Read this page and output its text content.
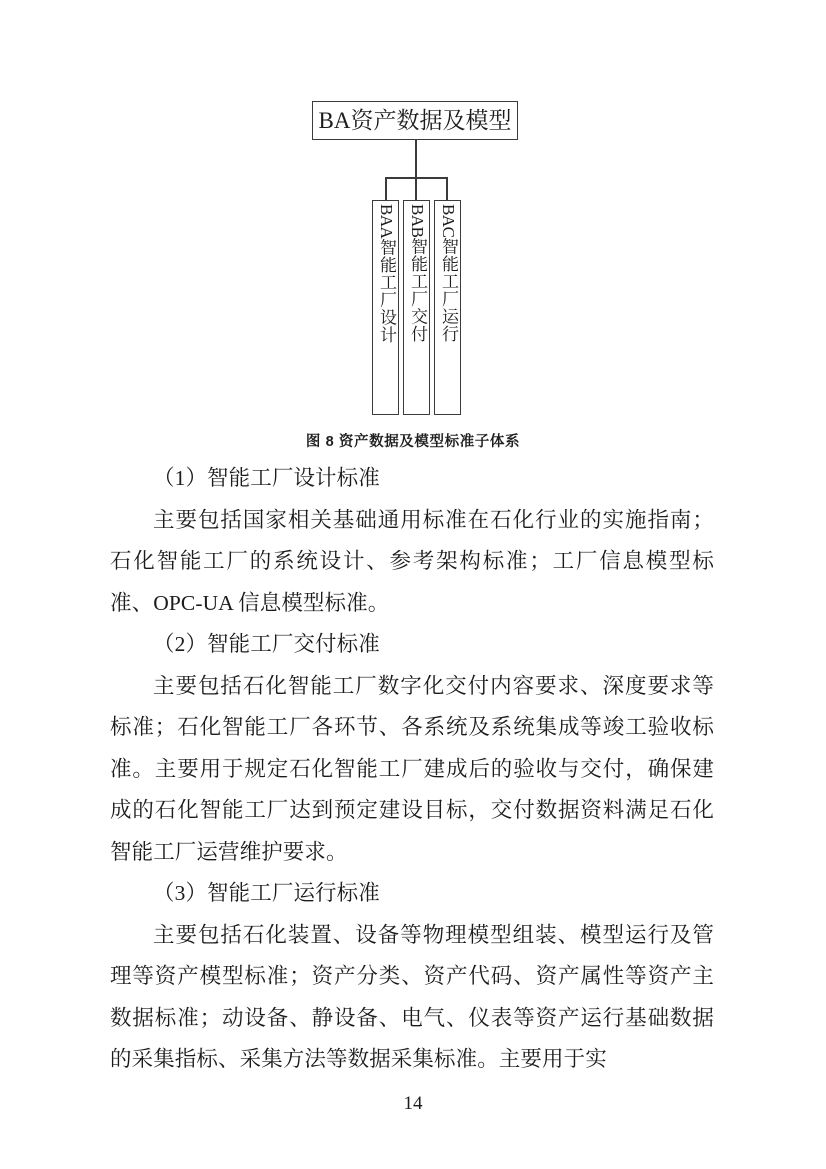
BA资产数据及模型
BAA智能工厂设计
BAB智能工厂交付
BAC智能工厂运行
图 8 资产数据及模型标准子体系

（1）智能工厂设计标准

主要包括国家相关基础通用标准在石化行业的实施指南；石化智能工厂的系统设计、参考架构标准；工厂信息模型标准、OPC-UA 信息模型标准。

（2）智能工厂交付标准

主要包括石化智能工厂数字化交付内容要求、深度要求等标准；石化智能工厂各环节、各系统及系统集成等竣工验收标准。主要用于规定石化智能工厂建成后的验收与交付，确保建成的石化智能工厂达到预定建设目标，交付数据资料满足石化智能工厂运营维护要求。

（3）智能工厂运行标准

主要包括石化装置、设备等物理模型组装、模型运行及管理等资产模型标准；资产分类、资产代码、资产属性等资产主数据标准；动设备、静设备、电气、仪表等资产运行基础数据的采集指标、采集方法等数据采集标准。主要用于实

14
